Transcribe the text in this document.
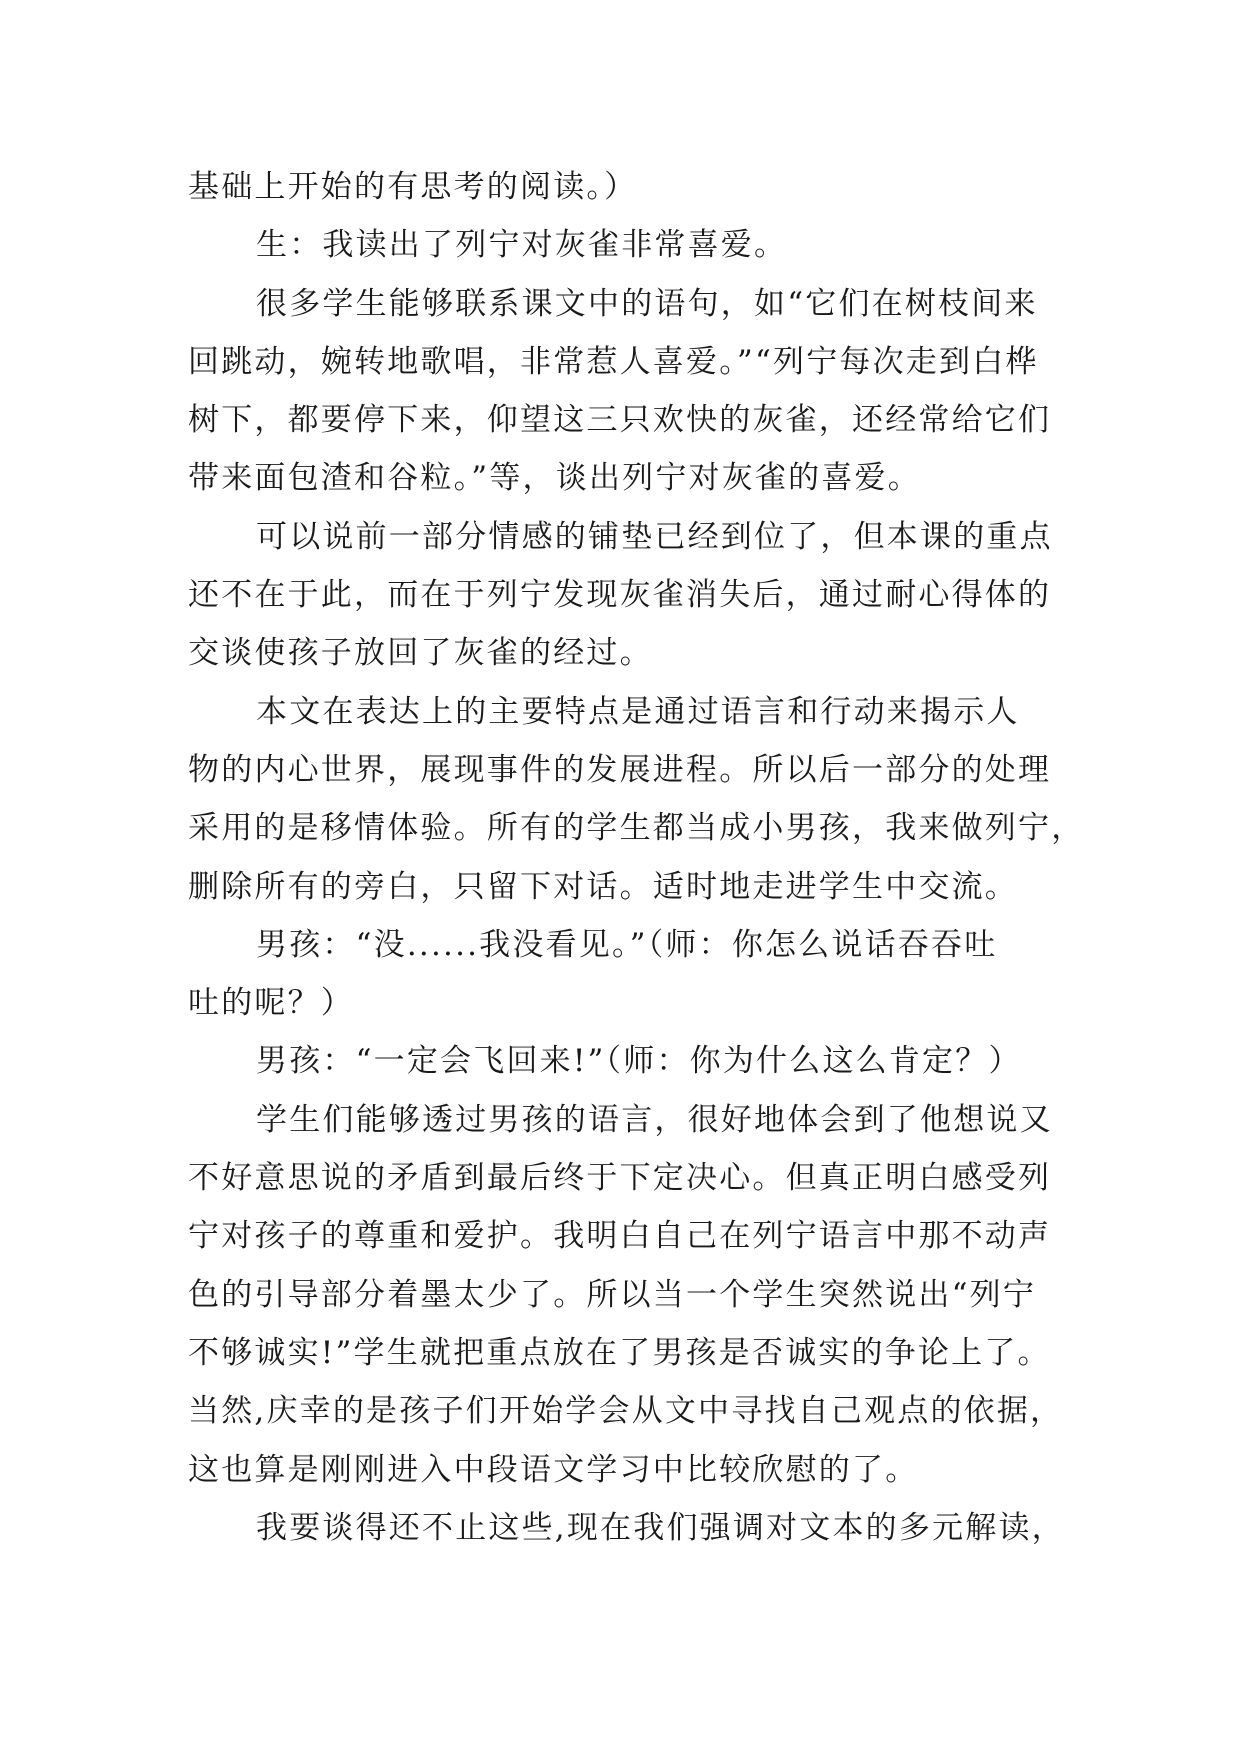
基础上开始的有思考的阅读。）
生：我读出了列宁对灰雀非常喜爱。
很多学生能够联系课文中的语句，如“它们在树枝间来
回跳动，婉转地歌唱，非常惹人喜爱。”“列宁每次走到白桦
树下，都要停下来，仰望这三只欢快的灰雀，还经常给它们
带来面包渣和谷粒。”等，谈出列宁对灰雀的喜爱。
可以说前一部分情感的铺垫已经到位了，但本课的重点
还不在于此，而在于列宁发现灰雀消失后，通过耐心得体的
交谈使孩子放回了灰雀的经过。
本文在表达上的主要特点是通过语言和行动来揭示人
物的内心世界，展现事件的发展进程。所以后一部分的处理
采用的是移情体验。所有的学生都当成小男孩，我来做列宁，
删除所有的旁白，只留下对话。适时地走进学生中交流。
男孩：“没......我没看见。”（师：你怎么说话吞吞吐
吐的呢？）
男孩：“一定会飞回来!”（师：你为什么这么肯定？）
学生们能够透过男孩的语言，很好地体会到了他想说又
不好意思说的矛盾到最后终于下定决心。但真正明白感受列
宁对孩子的尊重和爱护。我明白自己在列宁语言中那不动声
色的引导部分着墨太少了。所以当一个学生突然说出“列宁
不够诚实!”学生就把重点放在了男孩是否诚实的争论上了。
当然,庆幸的是孩子们开始学会从文中寻找自己观点的依据，
这也算是刚刚进入中段语文学习中比较欣慰的了。
我要谈得还不止这些,现在我们强调对文本的多元解读，
